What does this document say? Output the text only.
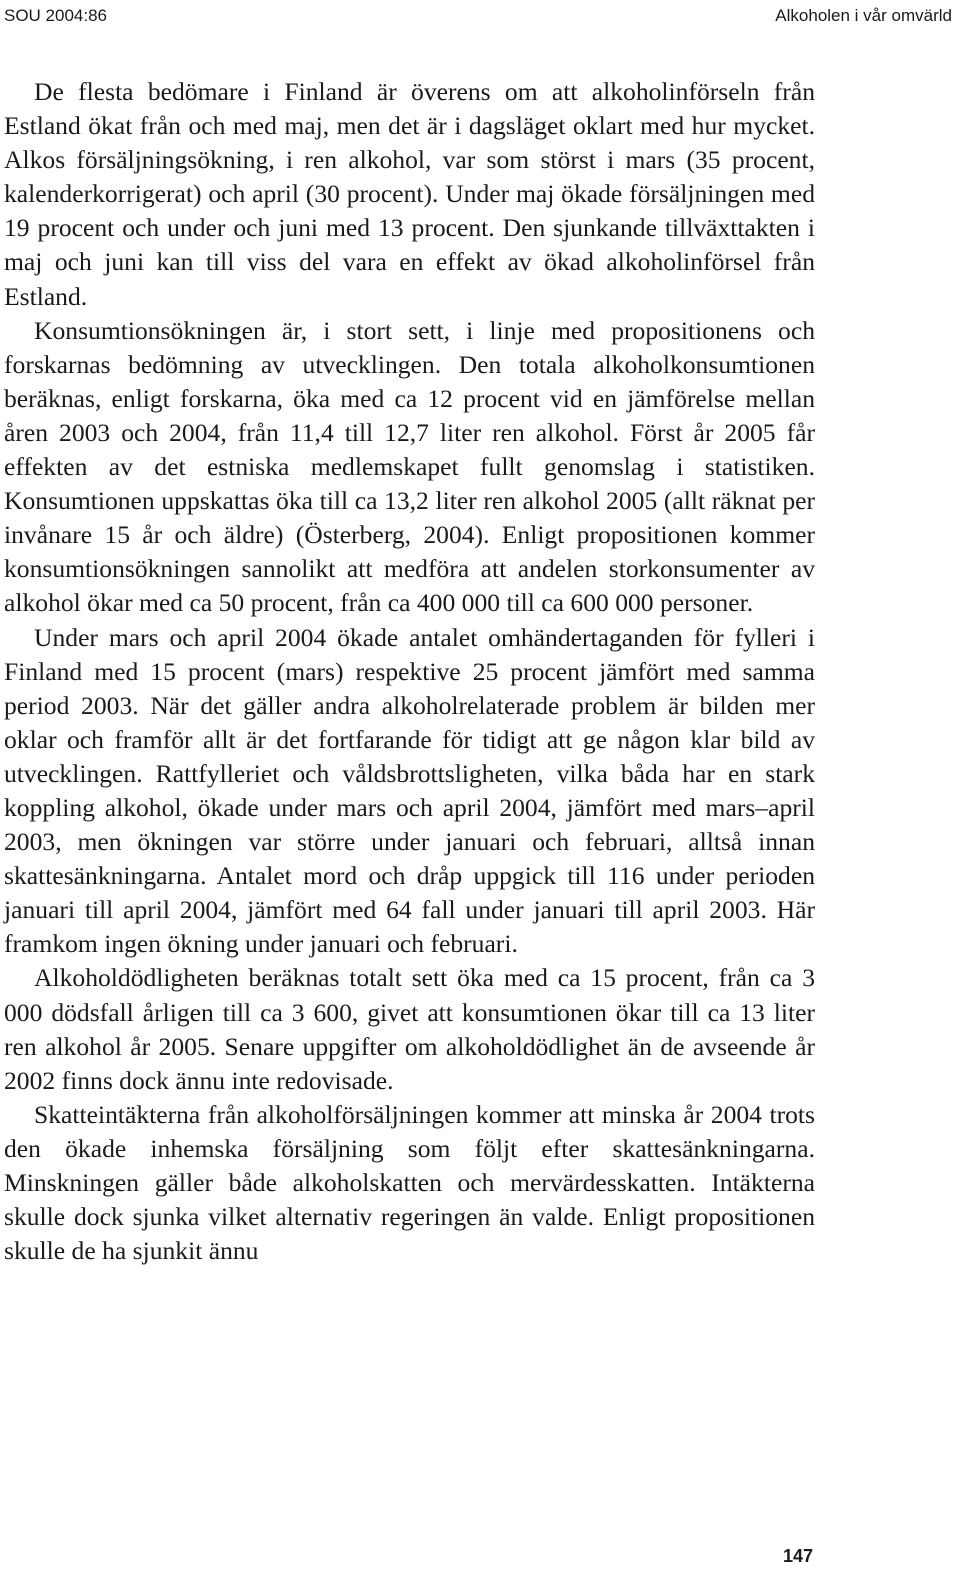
SOU 2004:86	Alkoholen i vår omvärld

De flesta bedömare i Finland är överens om att alkoholinförseln från Estland ökat från och med maj, men det är i dagsläget oklart med hur mycket. Alkos försäljningsökning, i ren alkohol, var som störst i mars (35 procent, kalenderkorrigerat) och april (30 procent). Under maj ökade försäljningen med 19 procent och under och juni med 13 procent. Den sjunkande tillväxttakten i maj och juni kan till viss del vara en effekt av ökad alkoholinförsel från Estland.

Konsumtionsökningen är, i stort sett, i linje med propositionens och forskarnas bedömning av utvecklingen. Den totala alkoholkonsumtionen beräknas, enligt forskarna, öka med ca 12 procent vid en jämförelse mellan åren 2003 och 2004, från 11,4 till 12,7 liter ren alkohol. Först år 2005 får effekten av det estniska medlemskapet fullt genomslag i statistiken. Konsumtionen uppskattas öka till ca 13,2 liter ren alkohol 2005 (allt räknat per invånare 15 år och äldre) (Österberg, 2004). Enligt propositionen kommer konsumtionsökningen sannolikt att medföra att andelen storkonsumenter av alkohol ökar med ca 50 procent, från ca 400 000 till ca 600 000 personer.

Under mars och april 2004 ökade antalet omhändertaganden för fylleri i Finland med 15 procent (mars) respektive 25 procent jämfört med samma period 2003. När det gäller andra alkoholrelaterade problem är bilden mer oklar och framför allt är det fortfarande för tidigt att ge någon klar bild av utvecklingen. Rattfylleriet och våldsbrottsligheten, vilka båda har en stark koppling alkohol, ökade under mars och april 2004, jämfört med mars–april 2003, men ökningen var större under januari och februari, alltså innan skattesänkningarna. Antalet mord och dråp uppgick till 116 under perioden januari till april 2004, jämfört med 64 fall under januari till april 2003. Här framkom ingen ökning under januari och februari.

Alkoholdödligheten beräknas totalt sett öka med ca 15 procent, från ca 3 000 dödsfall årligen till ca 3 600, givet att konsumtionen ökar till ca 13 liter ren alkohol år 2005. Senare uppgifter om alkoholdödlighet än de avseende år 2002 finns dock ännu inte redovisade.

Skatteintäkterna från alkoholförsäljningen kommer att minska år 2004 trots den ökade inhemska försäljning som följt efter skattesänkningarna. Minskningen gäller både alkoholskatten och mervärdesskatten. Intäkterna skulle dock sjunka vilket alternativ regeringen än valde. Enligt propositionen skulle de ha sjunkit ännu

147
